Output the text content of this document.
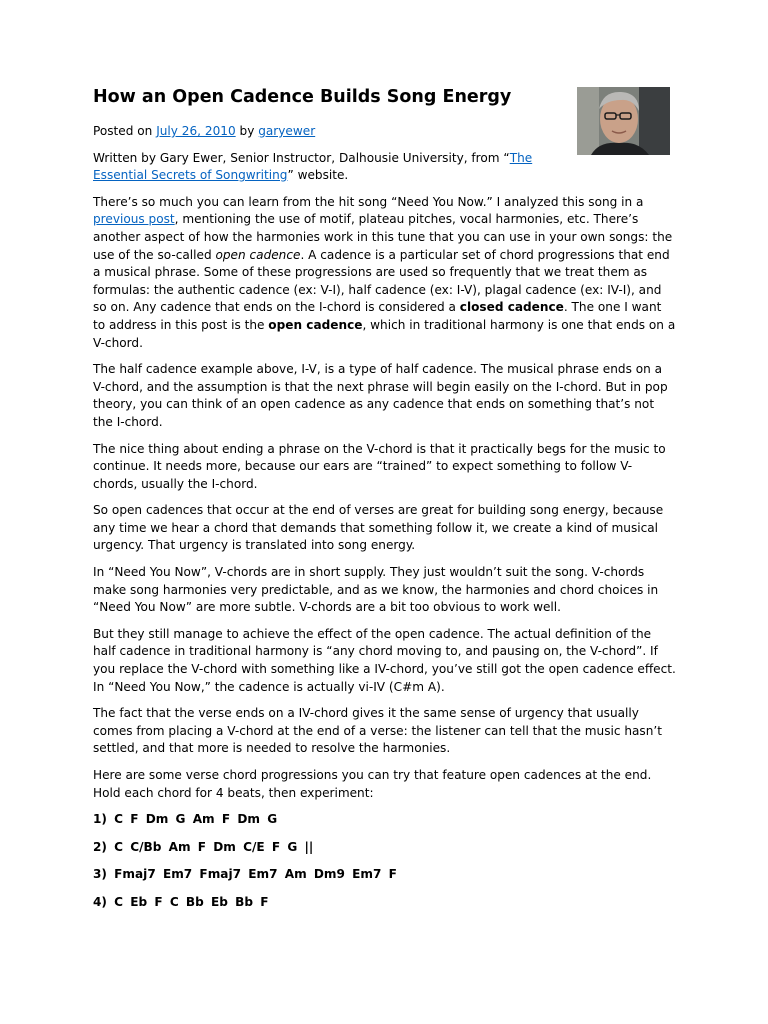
How an Open Cadence Builds Song Energy

Posted on July 26, 2010 by garyewer

Written by Gary Ewer, Senior Instructor, Dalhousie University, from “The Essential Secrets of Songwriting” website.

There’s so much you can learn from the hit song “Need You Now.” I analyzed this song in a previous post, mentioning the use of motif, plateau pitches, vocal harmonies, etc. There’s another aspect of how the harmonies work in this tune that you can use in your own songs: the use of the so-called open cadence. A cadence is a particular set of chord progressions that end a musical phrase. Some of these progressions are used so frequently that we treat them as formulas: the authentic cadence (ex: V-I), half cadence (ex: I-V), plagal cadence (ex: IV-I), and so on. Any cadence that ends on the I-chord is considered a closed cadence. The one I want to address in this post is the open cadence, which in traditional harmony is one that ends on a V-chord.

The half cadence example above, I-V, is a type of half cadence. The musical phrase ends on a V-chord, and the assumption is that the next phrase will begin easily on the I-chord. But in pop theory, you can think of an open cadence as any cadence that ends on something that’s not the I-chord.

The nice thing about ending a phrase on the V-chord is that it practically begs for the music to continue. It needs more, because our ears are “trained” to expect something to follow V-chords, usually the I-chord.

So open cadences that occur at the end of verses are great for building song energy, because any time we hear a chord that demands that something follow it, we create a kind of musical urgency. That urgency is translated into song energy.

In “Need You Now”, V-chords are in short supply. They just wouldn’t suit the song. V-chords make song harmonies very predictable, and as we know, the harmonies and chord choices in “Need You Now” are more subtle. V-chords are a bit too obvious to work well.

But they still manage to achieve the effect of the open cadence. The actual definition of the half cadence in traditional harmony is “any chord moving to, and pausing on, the V-chord”. If you replace the V-chord with something like a IV-chord, you’ve still got the open cadence effect. In “Need You Now,” the cadence is actually vi-IV (C#m A).

The fact that the verse ends on a IV-chord gives it the same sense of urgency that usually comes from placing a V-chord at the end of a verse: the listener can tell that the music hasn’t settled, and that more is needed to resolve the harmonies.

Here are some verse chord progressions you can try that feature open cadences at the end. Hold each chord for 4 beats, then experiment:

1) C F Dm G Am F Dm G

2) C C/Bb Am F Dm C/E F G ||

3) Fmaj7 Em7 Fmaj7 Em7 Am Dm9 Em7 F

4) C Eb F C Bb Eb Bb F
